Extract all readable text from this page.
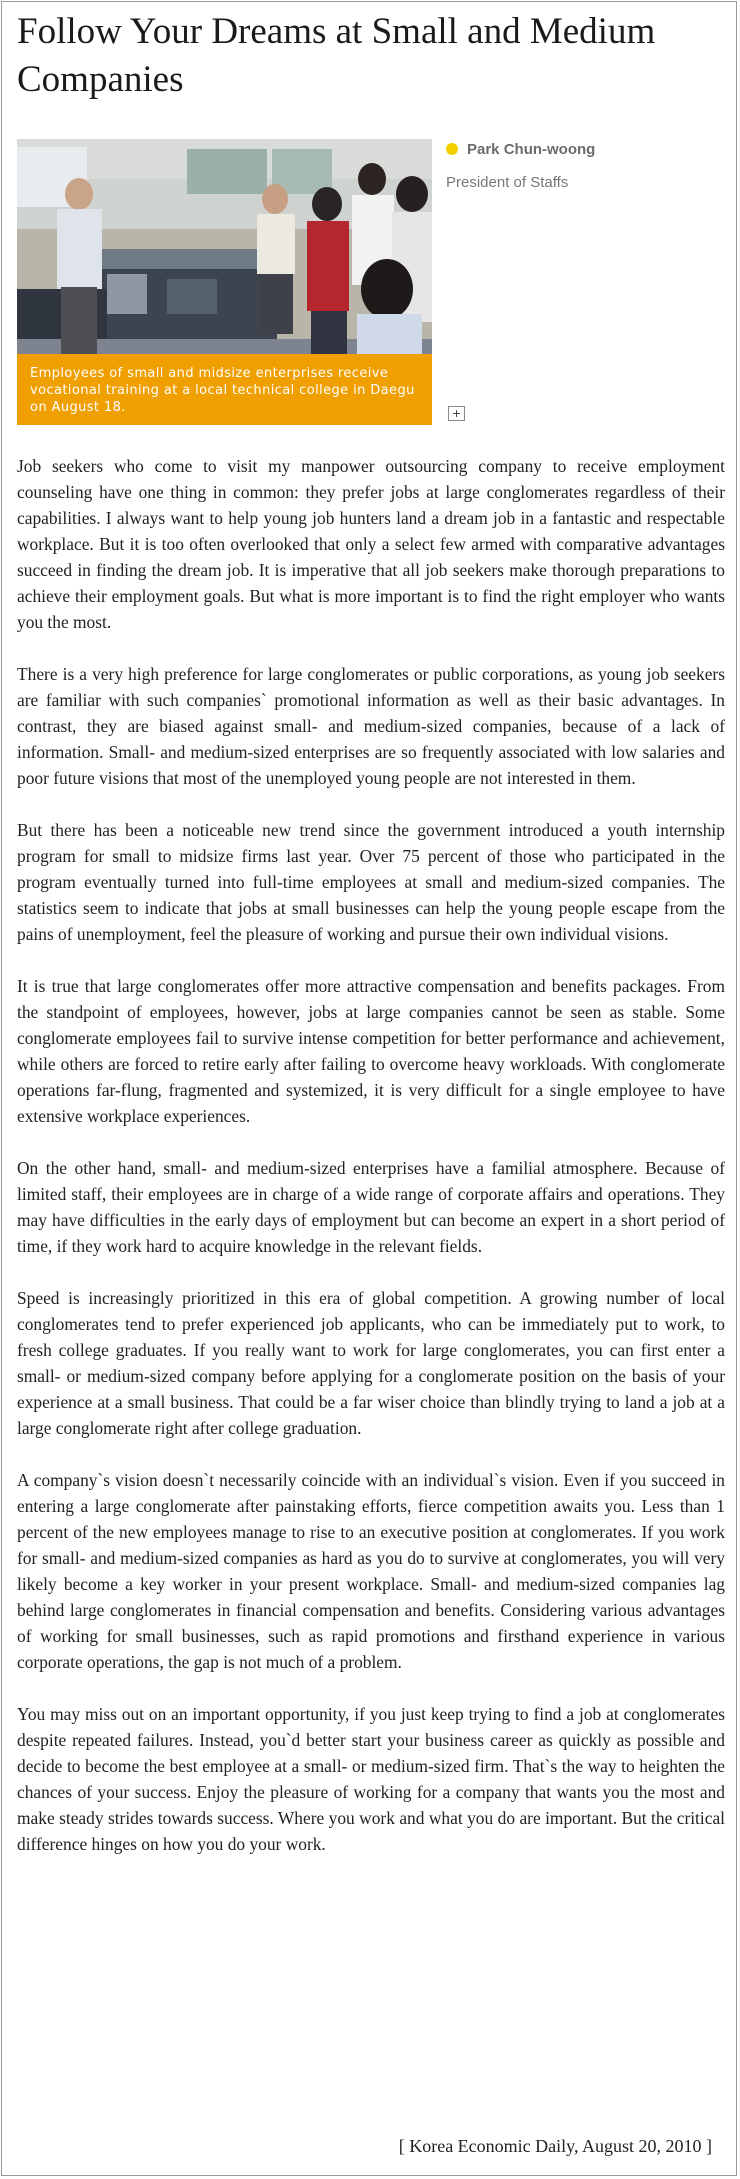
Follow Your Dreams at Small and Medium Companies
Employees of small and midsize enterprises receive vocational training at a local technical college in Daegu on August 18.
Park Chun-woong
President of Staffs
+

Job seekers who come to visit my manpower outsourcing company to receive employment counseling have one thing in common: they prefer jobs at large conglomerates regardless of their capabilities. I always want to help young job hunters land a dream job in a fantastic and respectable workplace. But it is too often overlooked that only a select few armed with comparative advantages succeed in finding the dream job. It is imperative that all job seekers make thorough preparations to achieve their employment goals. But what is more important is to find the right employer who wants you the most.

There is a very high preference for large conglomerates or public corporations, as young job seekers are familiar with such companies` promotional information as well as their basic advantages. In contrast, they are biased against small- and medium-sized companies, because of a lack of information. Small- and medium-sized enterprises are so frequently associated with low salaries and poor future visions that most of the unemployed young people are not interested in them.

But there has been a noticeable new trend since the government introduced a youth internship program for small to midsize firms last year. Over 75 percent of those who participated in the program eventually turned into full-time employees at small and medium-sized companies. The statistics seem to indicate that jobs at small businesses can help the young people escape from the pains of unemployment, feel the pleasure of working and pursue their own individual visions.

It is true that large conglomerates offer more attractive compensation and benefits packages. From the standpoint of employees, however, jobs at large companies cannot be seen as stable. Some conglomerate employees fail to survive intense competition for better performance and achievement, while others are forced to retire early after failing to overcome heavy workloads. With conglomerate operations far-flung, fragmented and systemized, it is very difficult for a single employee to have extensive workplace experiences.

On the other hand, small- and medium-sized enterprises have a familial atmosphere. Because of limited staff, their employees are in charge of a wide range of corporate affairs and operations. They may have difficulties in the early days of employment but can become an expert in a short period of time, if they work hard to acquire knowledge in the relevant fields.

Speed is increasingly prioritized in this era of global competition. A growing number of local conglomerates tend to prefer experienced job applicants, who can be immediately put to work, to fresh college graduates. If you really want to work for large conglomerates, you can first enter a small- or medium-sized company before applying for a conglomerate position on the basis of your experience at a small business. That could be a far wiser choice than blindly trying to land a job at a large conglomerate right after college graduation.

A company`s vision doesn`t necessarily coincide with an individual`s vision. Even if you succeed in entering a large conglomerate after painstaking efforts, fierce competition awaits you. Less than 1 percent of the new employees manage to rise to an executive position at conglomerates. If you work for small- and medium-sized companies as hard as you do to survive at conglomerates, you will very likely become a key worker in your present workplace. Small- and medium-sized companies lag behind large conglomerates in financial compensation and benefits. Considering various advantages of working for small businesses, such as rapid promotions and firsthand experience in various corporate operations, the gap is not much of a problem.

You may miss out on an important opportunity, if you just keep trying to find a job at conglomerates despite repeated failures. Instead, you`d better start your business career as quickly as possible and decide to become the best employee at a small- or medium-sized firm. That`s the way to heighten the chances of your success. Enjoy the pleasure of working for a company that wants you the most and make steady strides towards success. Where you work and what you do are important. But the critical difference hinges on how you do your work.

[ Korea Economic Daily, August 20, 2010 ]
